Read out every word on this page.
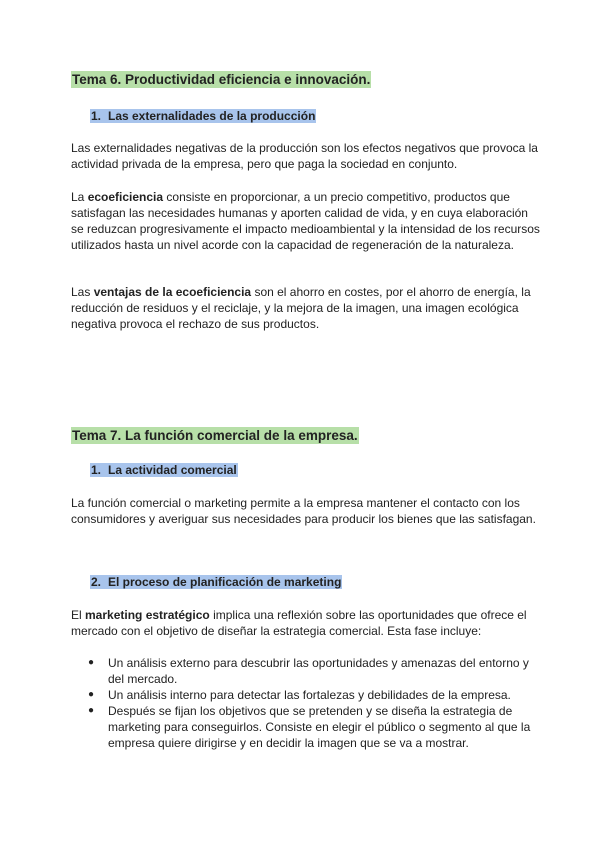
Tema 6. Productividad eficiencia e innovación.
1. Las externalidades de la producción
Las externalidades negativas de la producción son los efectos negativos que provoca la actividad privada de la empresa, pero que paga la sociedad en conjunto.
La ecoeficiencia consiste en proporcionar, a un precio competitivo, productos que satisfagan las necesidades humanas y aporten calidad de vida, y en cuya elaboración se reduzcan progresivamente el impacto medioambiental y la intensidad de los recursos utilizados hasta un nivel acorde con la capacidad de regeneración de la naturaleza.
Las ventajas de la ecoeficiencia son el ahorro en costes, por el ahorro de energía, la reducción de residuos y el reciclaje, y la mejora de la imagen, una imagen ecológica negativa provoca el rechazo de sus productos.
Tema 7. La función comercial de la empresa.
1. La actividad comercial
La función comercial o marketing permite a la empresa mantener el contacto con los consumidores y averiguar sus necesidades para producir los bienes que las satisfagan.
2. El proceso de planificación de marketing
El marketing estratégico implica una reflexión sobre las oportunidades que ofrece el mercado con el objetivo de diseñar la estrategia comercial. Esta fase incluye:
● Un análisis externo para descubrir las oportunidades y amenazas del entorno y del mercado.
● Un análisis interno para detectar las fortalezas y debilidades de la empresa.
● Después se fijan los objetivos que se pretenden y se diseña la estrategia de marketing para conseguirlos. Consiste en elegir el público o segmento al que la empresa quiere dirigirse y en decidir la imagen que se va a mostrar.
